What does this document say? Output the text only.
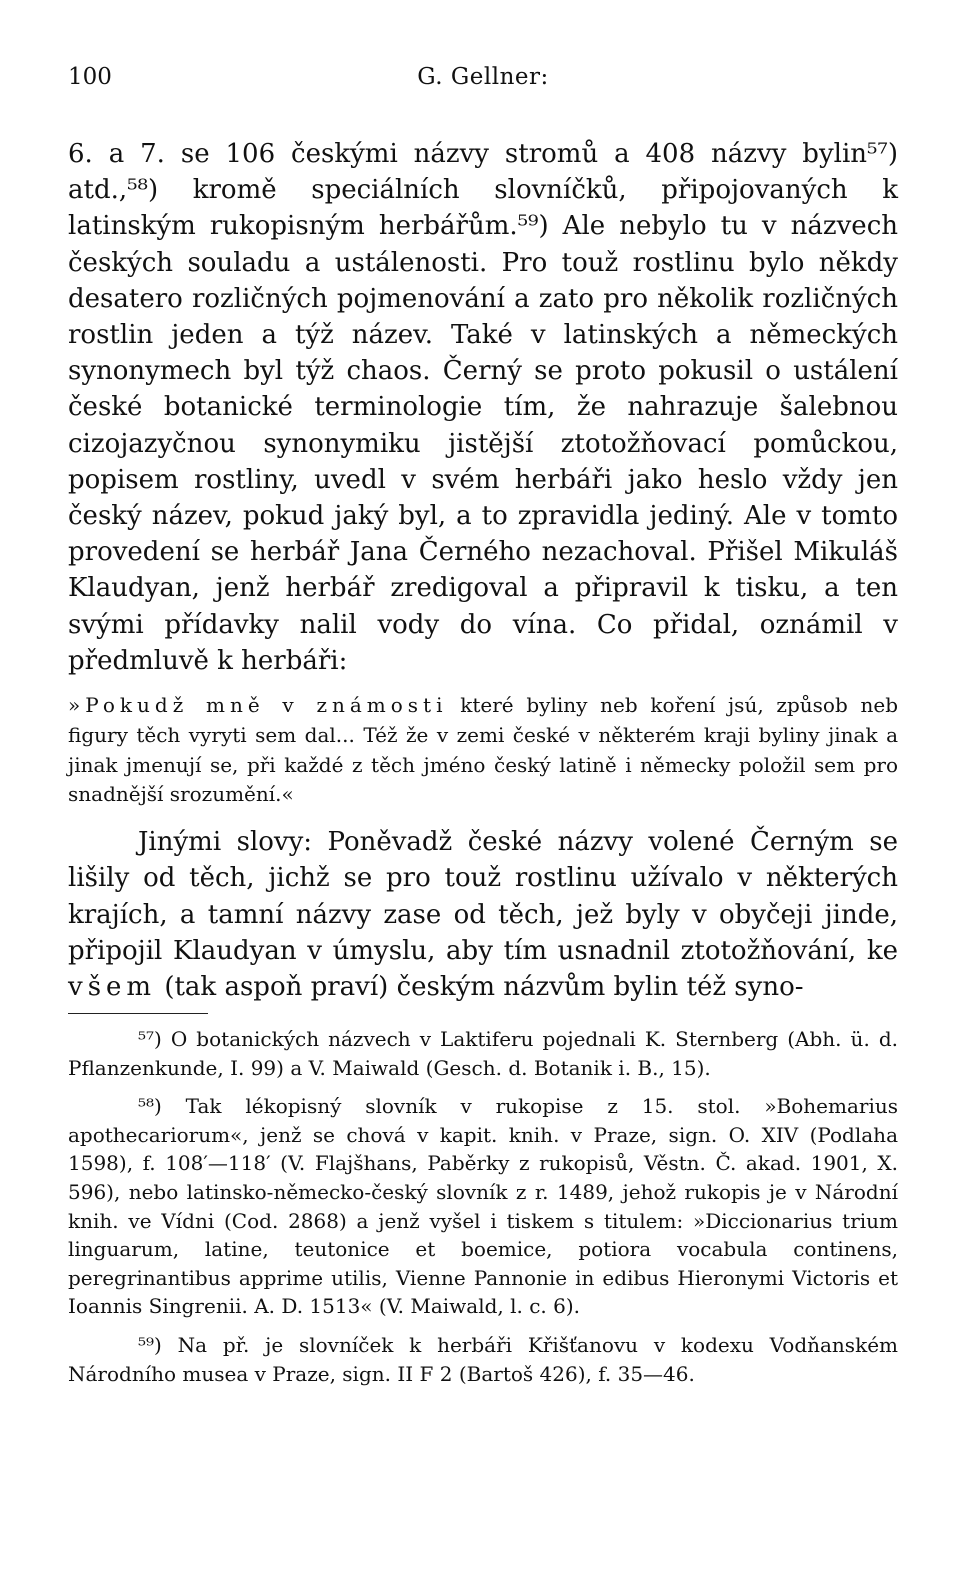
100	G. Gellner:

6. a 7. se 106 českými názvy stromů a 408 názvy bylin⁵⁷) atd.,⁵⁸) kromě speciálních slovníčků, připojovaných k latinským rukopisným herbářům.⁵⁹) Ale nebylo tu v názvech českých souladu a ustálenosti. Pro touž rostlinu bylo někdy desatero rozličných pojmenování a zato pro několik rozličných rostlin jeden a týž název. Také v latinských a německých synonymech byl týž chaos. Černý se proto pokusil o ustálení české botanické terminologie tím, že nahrazuje šalebnou cizojazyčnou synonymiku jistější ztotožňovací pomůckou, popisem rostliny, uvedl v svém herbáři jako heslo vždy jen český název, pokud jaký byl, a to zpravidla jediný. Ale v tomto provedení se herbář Jana Černého nezachoval. Přišel Mikuláš Klaudyan, jenž herbář zredigoval a připravil k tisku, a ten svými přídavky nalil vody do vína. Co přidal, oznámil v předmluvě k herbáři:

»Pokudž mně v známosti které byliny neb koření jsú, způsob neb figury těch vyryti sem dal... Též že v zemi české v některém kraji byliny jinak a jinak jmenují se, při každé z těch jméno český latině i německy položil sem pro snadnější srozumění.«

Jinými slovy: Poněvadž české názvy volené Černým se lišily od těch, jichž se pro touž rostlinu užívalo v některých krajích, a tamní názvy zase od těch, jež byly v obyčeji jinde, připojil Klaudyan v úmyslu, aby tím usnadnil ztotožňování, ke všem (tak aspoň praví) českým názvům bylin též syno-

⁵⁷) O botanických názvech v Laktiferu pojednali K. Sternberg (Abh. ü. d. Pflanzenkunde, I. 99) a V. Maiwald (Gesch. d. Botanik i. B., 15).

⁵⁸) Tak lékopisný slovník v rukopise z 15. stol. »Bohemarius apothecariorum«, jenž se chová v kapit. knih. v Praze, sign. O. XIV (Podlaha 1598), f. 108′—118′ (V. Flajšhans, Paběrky z rukopisů, Věstn. Č. akad. 1901, X. 596), nebo latinsko-německo-český slovník z r. 1489, jehož rukopis je v Národní knih. ve Vídni (Cod. 2868) a jenž vyšel i tiskem s titulem: »Diccionarius trium linguarum, latine, teutonice et boemice, potiora vocabula continens, peregrinantibus apprime utilis, Vienne Pannonie in edibus Hieronymi Victoris et Ioannis Singrenii. A. D. 1513« (V. Maiwald, l. c. 6).

⁵⁹) Na př. je slovníček k herbáři Křišťanovu v kodexu Vodňanském Národního musea v Praze, sign. II F 2 (Bartoš 426), f. 35—46.
